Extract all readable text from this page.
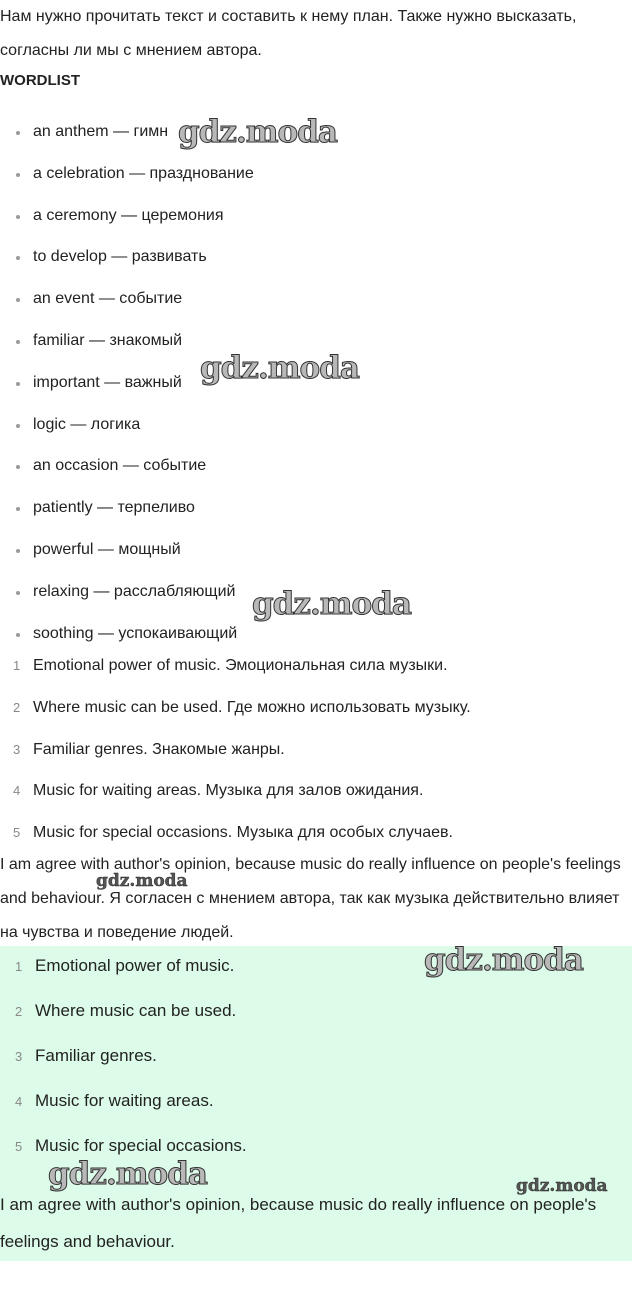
Нам нужно прочитать текст и составить к нему план. Также нужно высказать, согласны ли мы с мнением автора.

WORDLIST

an anthem — гимн
a celebration — празднование
a ceremony — церемония
to develop — развивать
an event — событие
familiar — знакомый
important — важный
logic — логика
an occasion — событие
patiently — терпеливо
powerful — мощный
relaxing — расслабляющий
soothing — успокаивающий
1 Emotional power of music. Эмоциональная сила музыки.
2 Where music can be used. Где можно использовать музыку.
3 Familiar genres. Знакомые жанры.
4 Music for waiting areas. Музыка для залов ожидания.
5 Music for special occasions. Музыка для особых случаев.

I am agree with author's opinion, because music do really influence on people's feelings and behaviour. Я согласен с мнением автора, так как музыка действительно влияет на чувства и поведение людей.

1 Emotional power of music.
2 Where music can be used.
3 Familiar genres.
4 Music for waiting areas.
5 Music for special occasions.

I am agree with author's opinion, because music do really influence on people's feelings and behaviour.

gdz.moda
gdz.moda
gdz.moda
gdz.moda
gdz.moda
gdz.moda	gdz.moda
